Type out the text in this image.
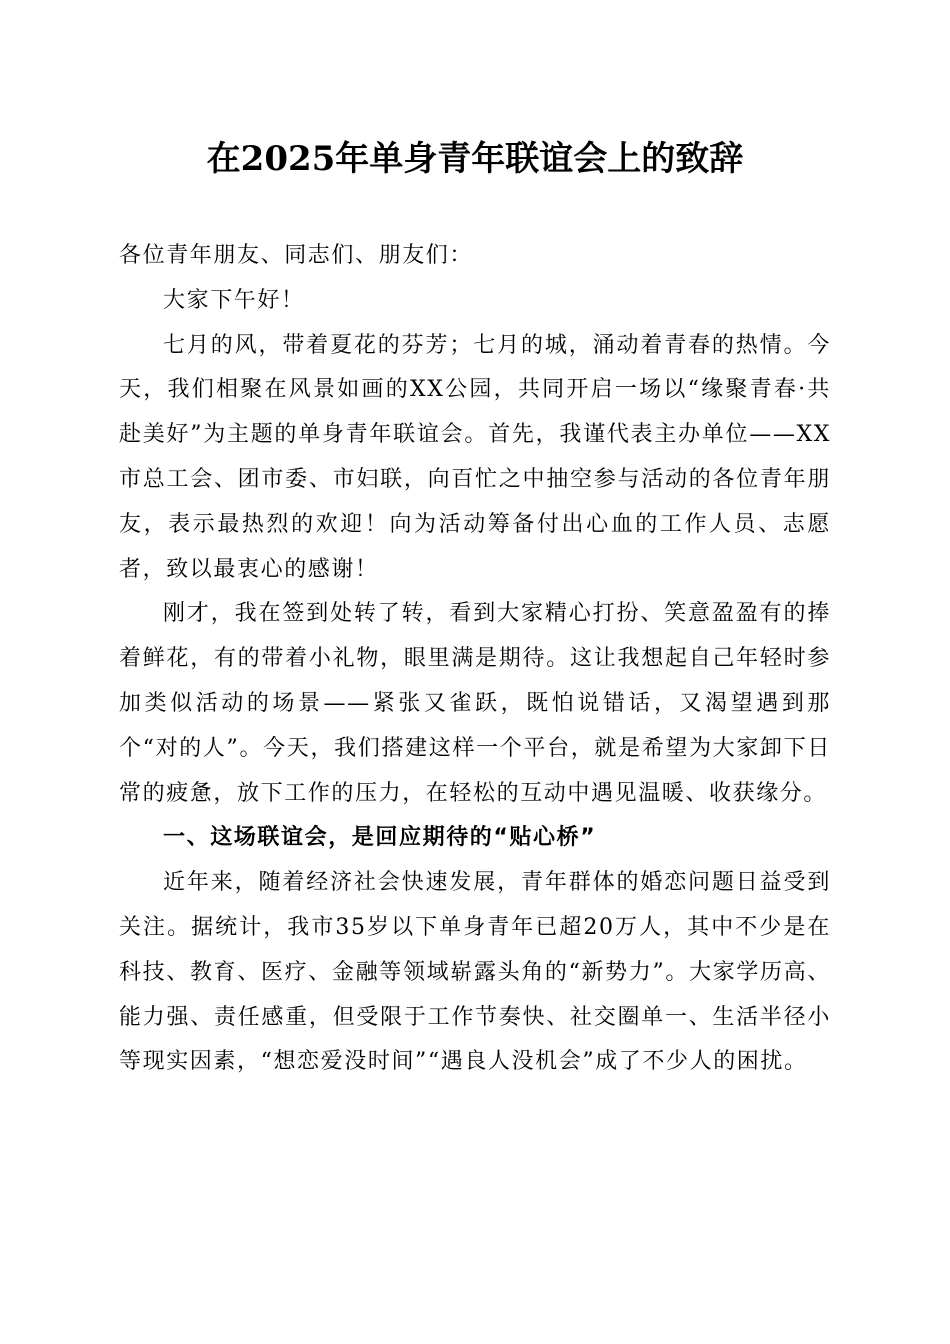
在2025年单身青年联谊会上的致辞

各位青年朋友、同志们、朋友们：

大家下午好！

七月的风，带着夏花的芬芳；七月的城，涌动着青春的热情。今天，我们相聚在风景如画的XX公园，共同开启一场以“缘聚青春·共赴美好”为主题的单身青年联谊会。首先，我谨代表主办单位——XX市总工会、团市委、市妇联，向百忙之中抽空参与活动的各位青年朋友，表示最热烈的欢迎！向为活动筹备付出心血的工作人员、志愿者，致以最衷心的感谢！

刚才，我在签到处转了转，看到大家精心打扮、笑意盈盈有的捧着鲜花，有的带着小礼物，眼里满是期待。这让我想起自己年轻时参加类似活动的场景——紧张又雀跃，既怕说错话，又渴望遇到那个“对的人”。今天，我们搭建这样一个平台，就是希望为大家卸下日常的疲惫，放下工作的压力，在轻松的互动中遇见温暖、收获缘分。

一、这场联谊会，是回应期待的“贴心桥”

近年来，随着经济社会快速发展，青年群体的婚恋问题日益受到关注。据统计，我市35岁以下单身青年已超20万人，其中不少是在科技、教育、医疗、金融等领域崭露头角的“新势力”。大家学历高、能力强、责任感重，但受限于工作节奏快、社交圈单一、生活半径小等现实因素，“想恋爱没时间”“遇良人没机会”成了不少人的困扰。
